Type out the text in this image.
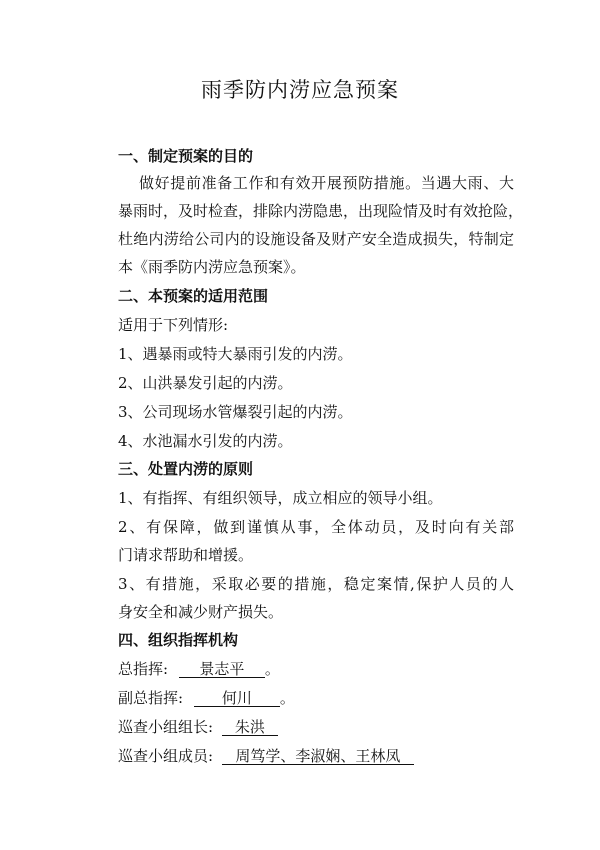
雨季防内涝应急预案
一、制定预案的目的
做好提前准备工作和有效开展预防措施。当遇大雨、大
暴雨时，及时检查，排除内涝隐患，出现险情及时有效抢险，
杜绝内涝给公司内的设施设备及财产安全造成损失，特制定
本《雨季防内涝应急预案》。
二、本预案的适用范围
适用于下列情形:
1、遇暴雨或特大暴雨引发的内涝。
2、山洪暴发引起的内涝。
3、公司现场水管爆裂引起的内涝。
4、水池漏水引发的内涝。
三、处置内涝的原则
1、有指挥、有组织领导，成立相应的领导小组。
2、有保障，做到谨慎从事，全体动员，及时向有关部
门请求帮助和增援。
3、有措施，采取必要的措施，稳定案情,保护人员的人
身安全和减少财产损失。
四、组织指挥机构
总指挥: 景志平 。
副总指挥:	何川 。
巡查小组组长: 朱洪
巡查小组成员: 周笃学、李淑娴、王林凤
